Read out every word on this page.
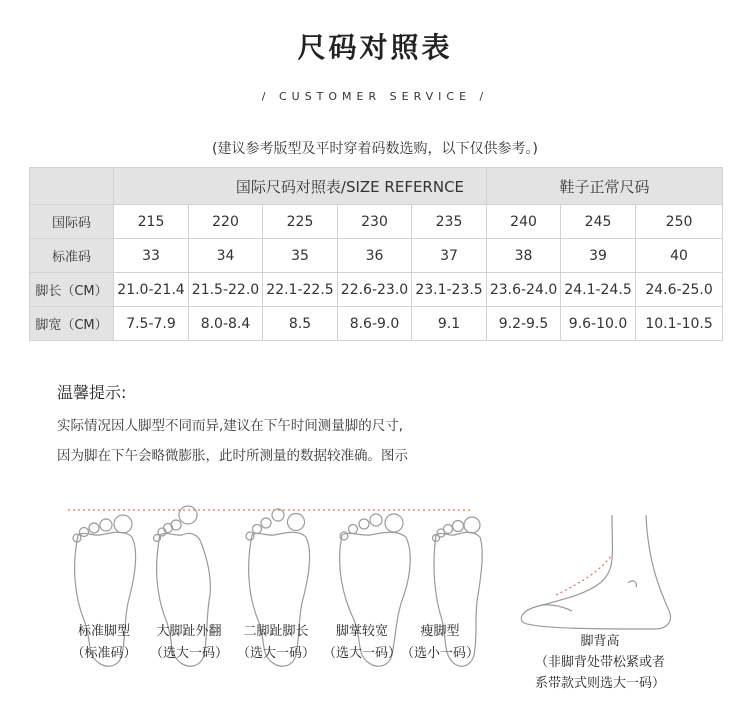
尺码对照表
/ CUSTOMER SERVICE /
(建议参考版型及平时穿着码数选购，以下仅供参考。)
	国际尺码对照表/SIZE REFERNCE					鞋子正常尺码		
国际码	215	220	225	230	235	240	245	250
标准码	33	34	35	36	37	38	39	40
脚长（CM）	21.0-21.4	21.5-22.0	22.1-22.5	22.6-23.0	23.1-23.5	23.6-24.0	24.1-24.5	24.6-25.0
脚宽（CM）	7.5-7.9	8.0-8.4	8.5	8.6-9.0	9.1	9.2-9.5	9.6-10.0	10.1-10.5
温馨提示:
实际情况因人脚型不同而异,建议在下午时间测量脚的尺寸,
因为脚在下午会略微膨胀，此时所测量的数据较准确。图示
标准脚型
（标准码）
大脚趾外翻
（选大一码）
二脚趾脚长
（选大一码）
脚掌较宽
（选大一码）
瘦脚型
（选小一码）
脚背高
（非脚背处带松紧或者
系带款式则选大一码）
